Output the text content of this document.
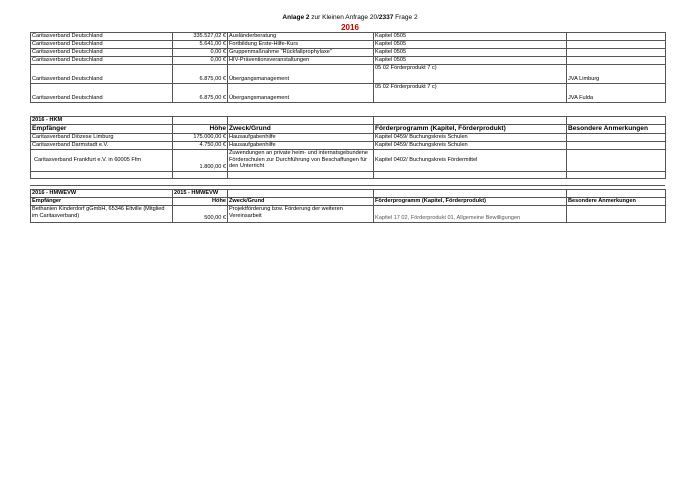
Anlage 2 zur Kleinen Anfrage 20/2337 Frage 2
2016
Caritasverband Deutschland	335.527,02 €	Ausländerberatung	Kapitel 0505	
Caritasverband Deutschland	5.641,00 €	Fortbildung Erste-Hilfe-Kurs	Kapitel 0505	
Caritasverband Deutschland	0,00 €	Gruppenmaßnahme "Rückfallprophylaxe"	Kapitel 0505	
Caritasverband Deutschland	0,00 €	HIV-Präventionsveranstaltungen	Kapitel 0505	
Caritasverband Deutschland	6.875,00 €	Übergangsmanagement	05 02 Förderprodukt 7 c)	JVA Limburg
Caritasverband Deutschland	6.875,00 €	Übergangsmanagement	05 02 Förderprodukt 7 c)	JVA Fulda
2016 - HKM				
Empfänger	Höhe	Zweck/Grund	Förderprogramm (Kapitel, Förderprodukt)	Besondere Anmerkungen
Caritasverband Diözese Limburg	175.000,00 €	Hausaufgabenhilfe	Kapitel 0459/ Buchungskreis Schulen	
Caritasverband Darmstadt e.V.	4.750,00 €	Hausaufgabenhilfe	Kapitel 0459/ Buchungskreis Schulen	
Caritasverband Frankfurt e.V. in 60005 Ffm	1.800,00 €	Zuwendungen an private heim- und internatsgebundene Förderschulen zur Durchführung von Beschaffungen für den Unterricht	Kapitel 0402/ Buchungskreis Fördermittel	

2016 - HMWEVW	2015 - HMWEVW			
Empfänger	Höhe	Zweck/Grund	Förderprogramm (Kapitel, Förderprodukt)	Besondere Anmerkungen
Bethanien Kinderdorf gGmbH, 65346 Eltville (Mitglied im Caritasverband)	500,00 €	Projektförderung bzw. Förderung der weiteren Vereinsarbeit	Kapitel 17 02, Förderprodukt 01, Allgemeine Bewilligungen	
